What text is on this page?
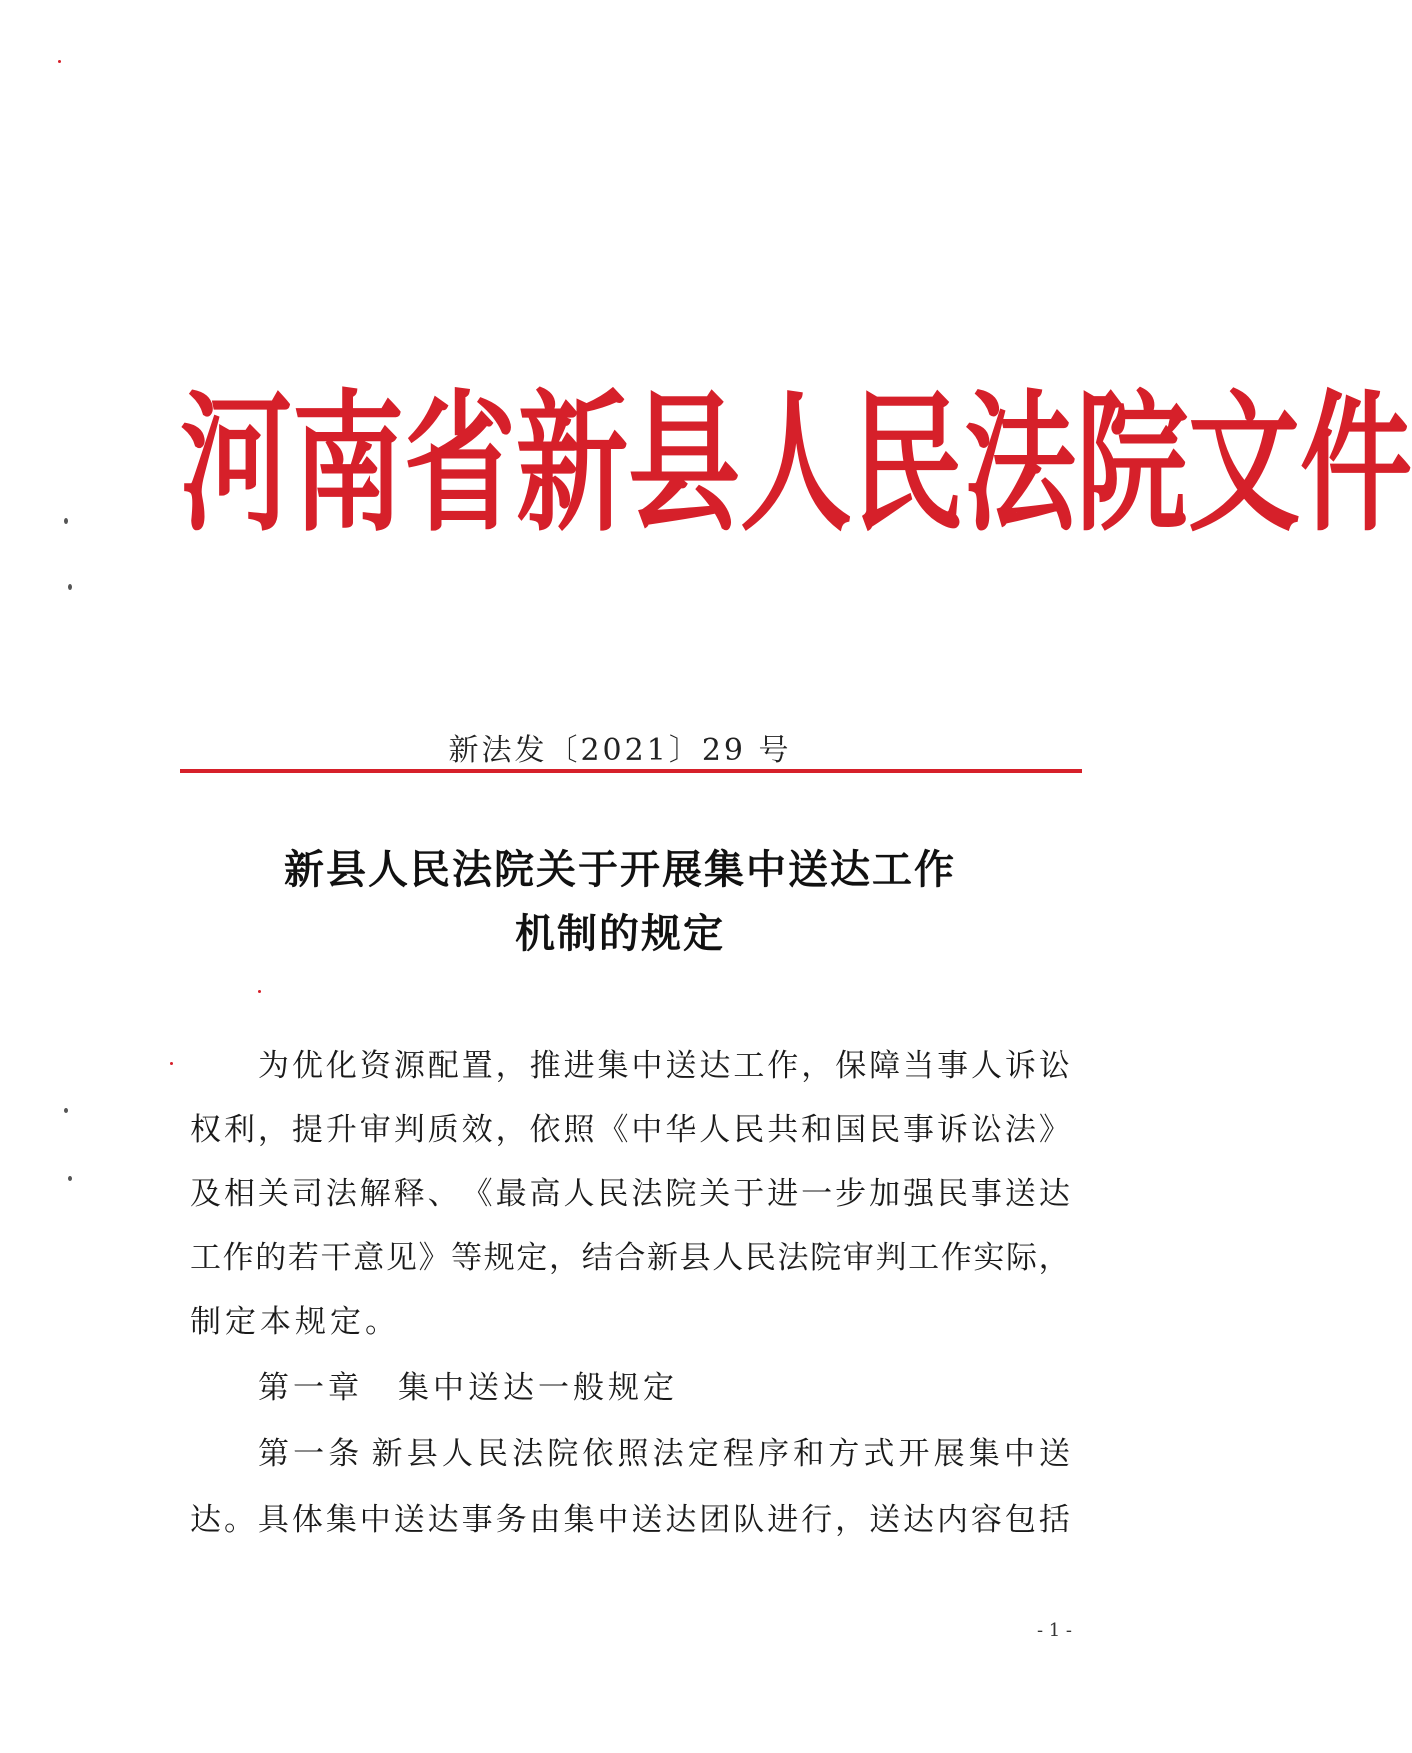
河 南 省 新 县 人 民 法 院 文 件
新法发〔2021〕29 号
新县人民法院关于开展集中送达工作
机制的规定
为 优 化 资 源 配 置 ， 推 进 集 中 送 达 工 作 ， 保 障 当 事 人 诉 讼
权 利 ， 提 升 审 判 质 效 ， 依 照 《 中 华 人 民 共 和 国 民 事 诉 讼 法 》
及 相 关 司 法 解 释 、 《 最 高 人 民 法 院 关 于 进 一 步 加 强 民 事 送 达
工 作 的 若 干 意 见 》 等 规 定 ， 结 合 新 县 人 民 法 院 审 判 工 作 实 际 ，
制定本规定。
第一章　集中送达一般规定
第 一 条 新 县 人 民 法 院 依 照 法 定 程 序 和 方 式 开 展 集 中 送
达 。 具 体 集 中 送 达 事 务 由 集 中 送 达 团 队 进 行 ， 送 达 内 容 包 括
- 1 -
